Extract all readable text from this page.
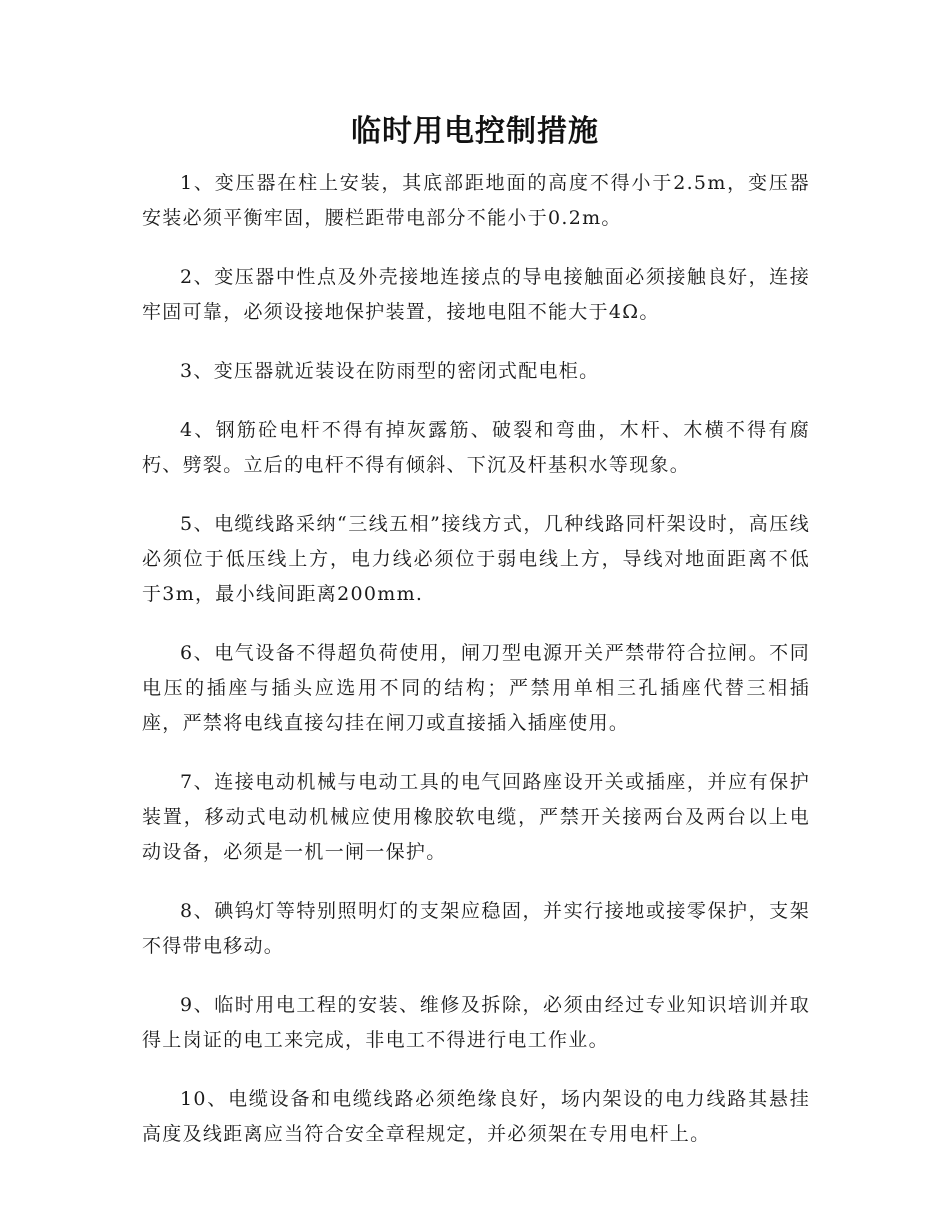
临时用电控制措施

1、变压器在柱上安装，其底部距地面的高度不得小于2.5m，变压器安装必须平衡牢固，腰栏距带电部分不能小于0.2m。

2、变压器中性点及外壳接地连接点的导电接触面必须接触良好，连接牢固可靠，必须设接地保护装置，接地电阻不能大于4Ω。

3、变压器就近装设在防雨型的密闭式配电柜。

4、钢筋砼电杆不得有掉灰露筋、破裂和弯曲，木杆、木横不得有腐朽、劈裂。立后的电杆不得有倾斜、下沉及杆基积水等现象。

5、电缆线路采纳“三线五相”接线方式，几种线路同杆架设时，高压线必须位于低压线上方，电力线必须位于弱电线上方，导线对地面距离不低于3m，最小线间距离200mm.

6、电气设备不得超负荷使用，闸刀型电源开关严禁带符合拉闸。不同电压的插座与插头应选用不同的结构；严禁用单相三孔插座代替三相插座，严禁将电线直接勾挂在闸刀或直接插入插座使用。

7、连接电动机械与电动工具的电气回路座设开关或插座，并应有保护装置，移动式电动机械应使用橡胶软电缆，严禁开关接两台及两台以上电动设备，必须是一机一闸一保护。

8、碘钨灯等特别照明灯的支架应稳固，并实行接地或接零保护，支架不得带电移动。

9、临时用电工程的安装、维修及拆除，必须由经过专业知识培训并取得上岗证的电工来完成，非电工不得进行电工作业。

10、电缆设备和电缆线路必须绝缘良好，场内架设的电力线路其悬挂高度及线距离应当符合安全章程规定，并必须架在专用电杆上。
